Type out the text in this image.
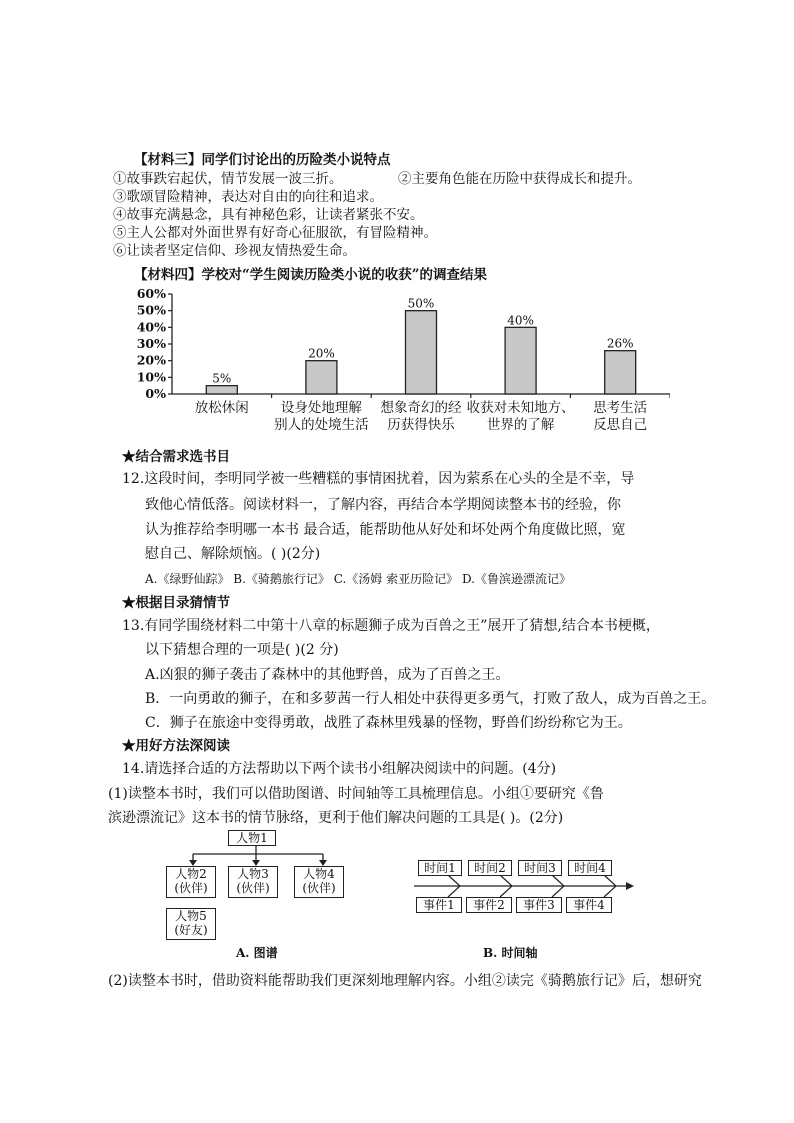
【材料三】同学们讨论出的历险类小说特点
①故事跌宕起伏，情节发展一波三折。	②主要角色能在历险中获得成长和提升。
③歌颂冒险精神，表达对自由的向往和追求。
④故事充满悬念，具有神秘色彩，让读者紧张不安。
⑤主人公都对外面世界有好奇心征服欲，有冒险精神。
⑥让读者坚定信仰、珍视友情热爱生命。
【材料四】学校对“学生阅读历险类小说的收获”的调查结果
0%
10%
20%
30%
40%
50%
60%
5%
放松休闲
20%
设身处地理解
别人的处境生活
50%
想象奇幻的经
历获得快乐
40%
收获对未知地方、
世界的了解
26%
思考生活
反思自己
★结合需求选书目
12.这段时间，李明同学被一些糟糕的事情困扰着，因为萦系在心头的全是不幸，导
致他心情低落。阅读材料一，了解内容，再结合本学期阅读整本书的经验，你
认为推荐给李明哪一本书 最合适，能帮助他从好处和坏处两个角度做比照，宽
慰自己、解除烦恼。( )(2分)
A.《绿野仙踪》 B.《骑鹅旅行记》 C.《汤姆 索亚历险记》 D.《鲁滨逊漂流记》
★根据目录猜情节
13.有同学围绕材料二中第十八章的标题狮子成为百兽之王”展开了猜想,结合本书梗概，
以下猜想合理的一项是( )(2 分)
A.凶狠的狮子袭击了森林中的其他野兽，成为了百兽之王。
B．一向勇敢的狮子，在和多萝茜一行人相处中获得更多勇气，打败了敌人，成为百兽之王。
C．狮子在旅途中变得勇敢，战胜了森林里残暴的怪物，野兽们纷纷称它为王。
★用好方法深阅读
14.请选择合适的方法帮助以下两个读书小组解决阅读中的问题。(4分)
(1)读整本书时，我们可以借助图谱、时间轴等工具梳理信息。小组①要研究《鲁
滨逊漂流记》这本书的情节脉络，更利于他们解决问题的工具是( )。(2分)
人物1
人物2
(伙伴)
人物3
(伙伴)
人物4
(伙伴)
人物5
(好友)
A. 图谱
时间1	时间2	时间3	时间4
事件1	事件2	事件3	事件4
B. 时间轴
(2)读整本书时，借助资料能帮助我们更深刻地理解内容。小组②读完《骑鹅旅行记》后，想研究
